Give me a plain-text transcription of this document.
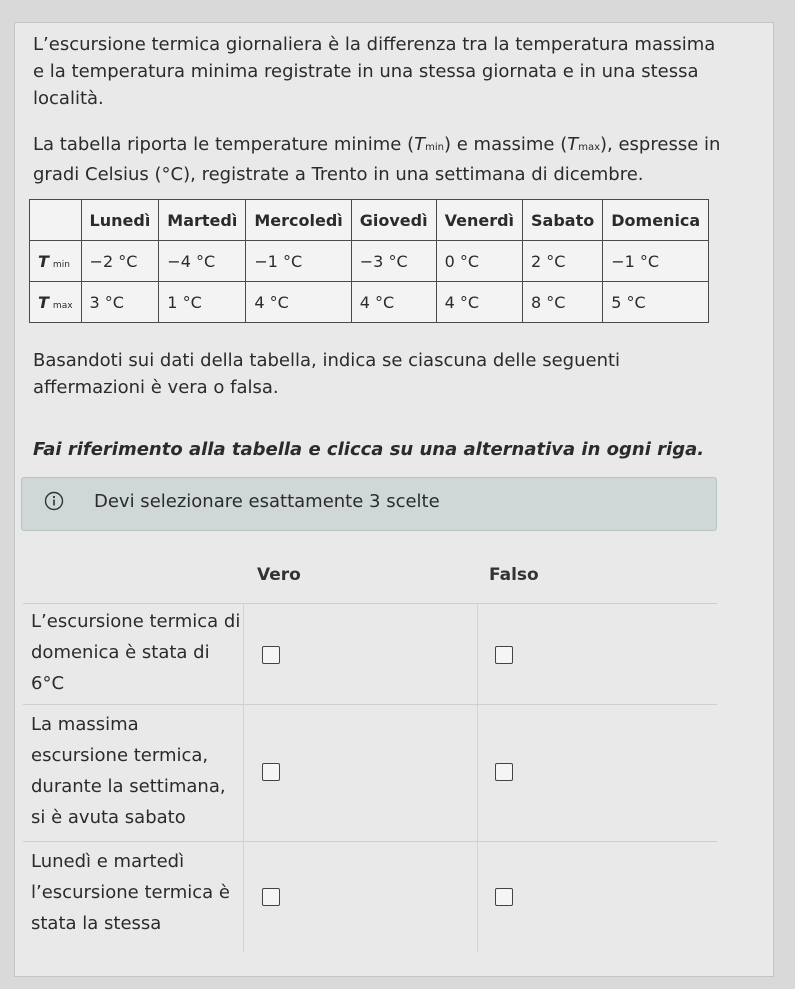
L’escursione termica giornaliera è la differenza tra la temperatura massima e la temperatura minima registrate in una stessa giornata e in una stessa località.

La tabella riporta le temperature minime (Tmin) e massime (Tmax), espresse in gradi Celsius (°C), registrate a Trento in una settimana di dicembre.

	Lunedì	Martedì	Mercoledì	Giovedì	Venerdì	Sabato	Domenica
T min	−2 °C	−4 °C	−1 °C	−3 °C	0 °C	2 °C	−1 °C
T max	3 °C	1 °C	4 °C	4 °C	4 °C	8 °C	5 °C

Basandoti sui dati della tabella, indica se ciascuna delle seguenti affermazioni è vera o falsa.

Fai riferimento alla tabella e clicca su una alternativa in ogni riga.

Devi selezionare esattamente 3 scelte
Vero	Falso
L’escursione termica di domenica è stata di 6°C
La massima escursione termica, durante la settimana, si è avuta sabato
Lunedì e martedì l’escursione termica è stata la stessa
